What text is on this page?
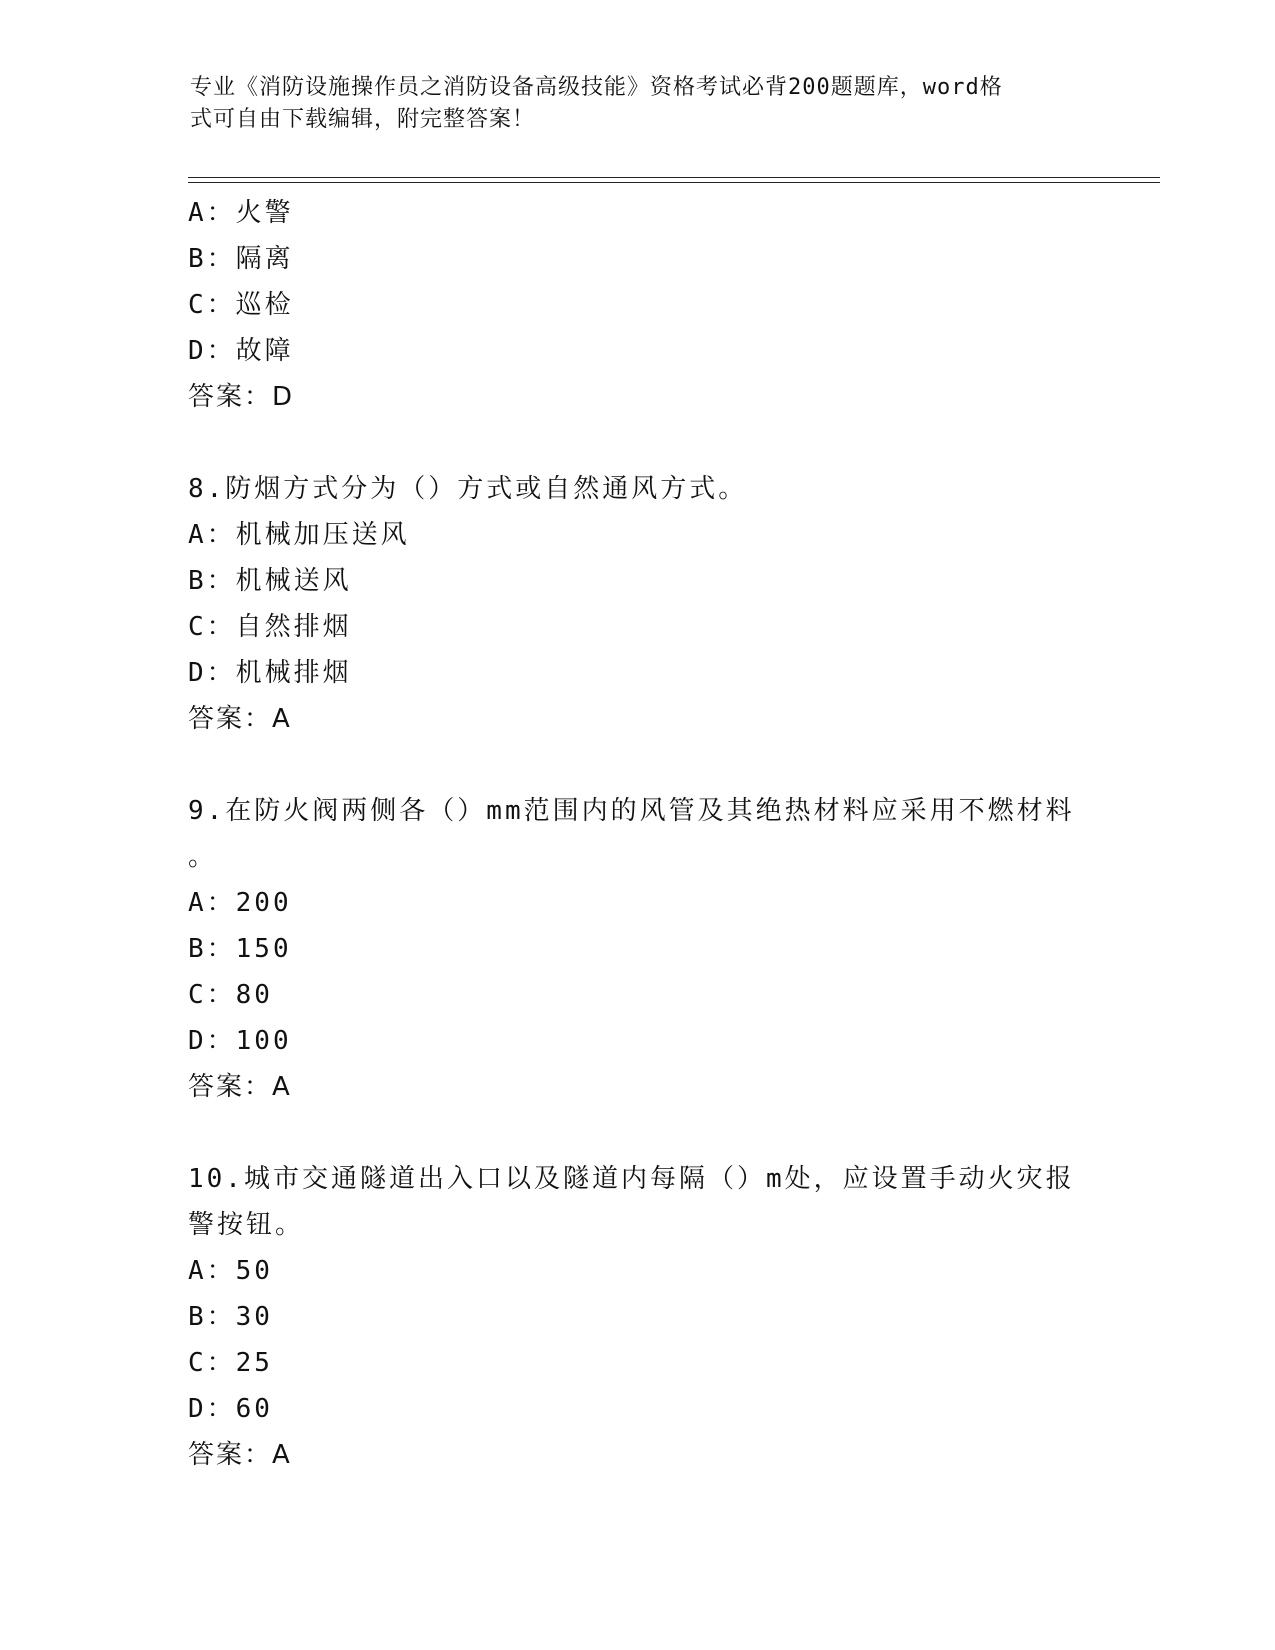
专业《消防设施操作员之消防设备高级技能》资格考试必背200题题库，word格
式可自由下载编辑，附完整答案！
A：火警
B：隔离
C：巡检
D：故障
答案：D
8.防烟方式分为（）方式或自然通风方式。
A：机械加压送风
B：机械送风
C：自然排烟
D：机械排烟
答案：A
9.在防火阀两侧各（）mm范围内的风管及其绝热材料应采用不燃材料
。
A：200
B：150
C：80
D：100
答案：A
10.城市交通隧道出入口以及隧道内每隔（）m处，应设置手动火灾报
警按钮。
A：50
B：30
C：25
D：60
答案：A
